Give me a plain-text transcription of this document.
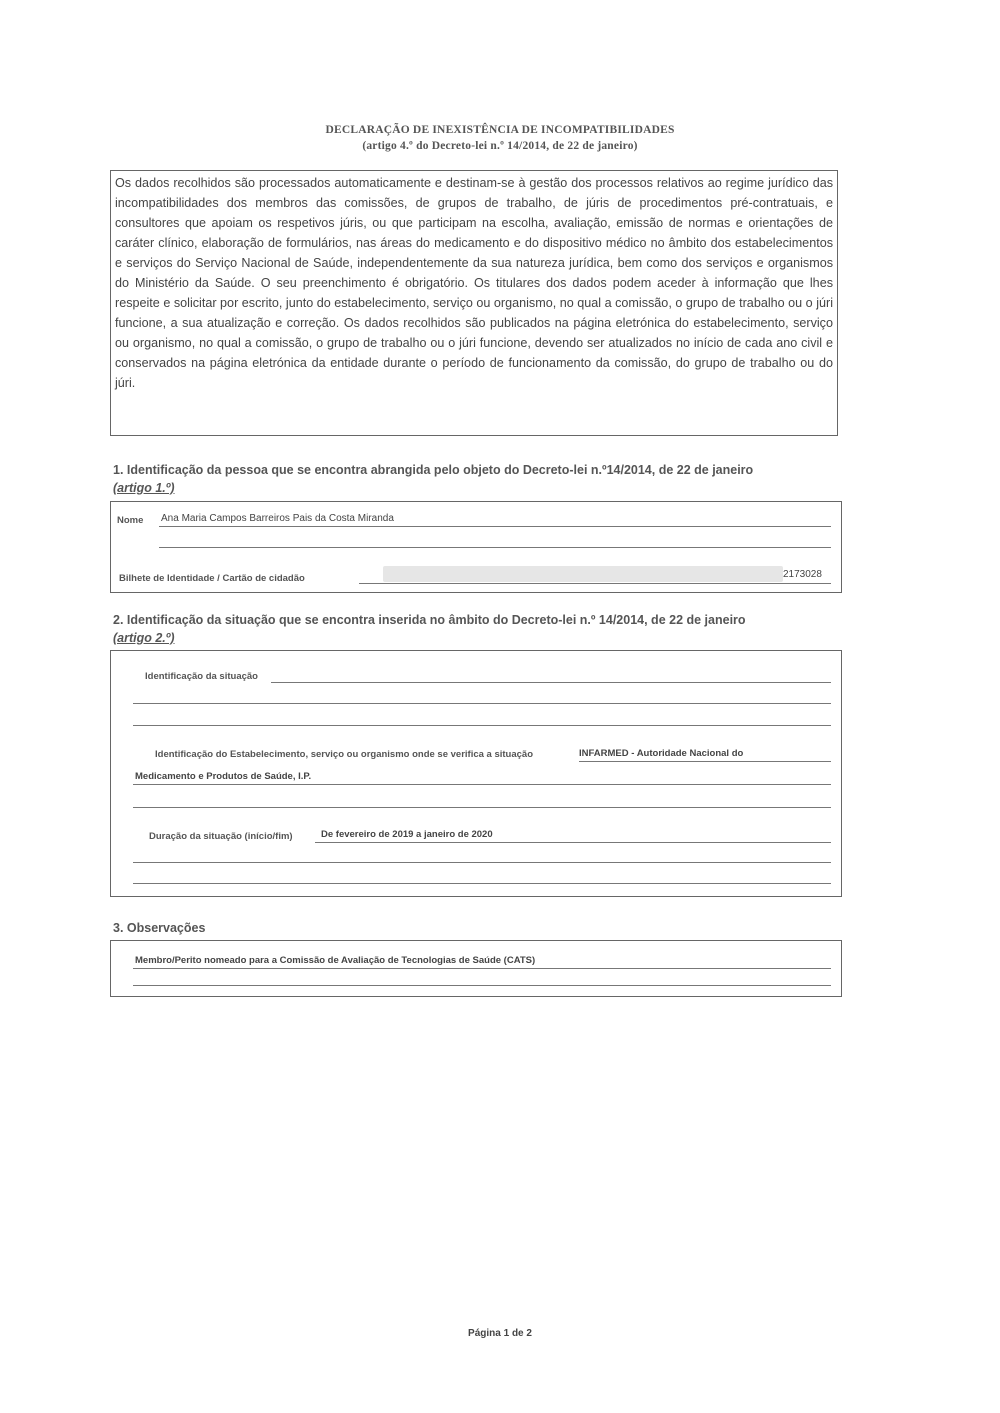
DECLARAÇÃO DE INEXISTÊNCIA DE INCOMPATIBILIDADES
(artigo 4.º do Decreto-lei n.º 14/2014, de 22 de janeiro)

Os dados recolhidos são processados automaticamente e destinam-se à gestão dos processos relativos ao regime jurídico das incompatibilidades dos membros das comissões, de grupos de trabalho, de júris de procedimentos pré-contratuais, e consultores que apoiam os respetivos júris, ou que participam na escolha, avaliação, emissão de normas e orientações de caráter clínico, elaboração de formulários, nas áreas do medicamento e do dispositivo médico no âmbito dos estabelecimentos e serviços do Serviço Nacional de Saúde, independentemente da sua natureza jurídica, bem como dos serviços e organismos do Ministério da Saúde. O seu preenchimento é obrigatório. Os titulares dos dados podem aceder à informação que lhes respeite e solicitar por escrito, junto do estabelecimento, serviço ou organismo, no qual a comissão, o grupo de trabalho ou o júri funcione, a sua atualização e correção. Os dados recolhidos são publicados na página eletrónica do estabelecimento, serviço ou organismo, no qual a comissão, o grupo de trabalho ou o júri funcione, devendo ser atualizados no início de cada ano civil e conservados na página eletrónica da entidade durante o período de funcionamento da comissão, do grupo de trabalho ou do júri.

1. Identificação da pessoa que se encontra abrangida pelo objeto do Decreto-lei n.º14/2014, de 22 de janeiro
(artigo 1.º)
Nome Ana Maria Campos Barreiros Pais da Costa Miranda
Bilhete de Identidade / Cartão de cidadão	2173028
2. Identificação da situação que se encontra inserida no âmbito do Decreto-lei n.º 14/2014, de 22 de janeiro
(artigo 2.º)
Identificação da situação
Identificação do Estabelecimento, serviço ou organismo onde se verifica a situação	INFARMED - Autoridade Nacional do
Medicamento e Produtos de Saúde, I.P.
Duração da situação (início/fim)	De fevereiro de 2019 a janeiro de 2020
3. Observações
Membro/Perito nomeado para a Comissão de Avaliação de Tecnologias de Saúde (CATS)
Página 1 de 2
